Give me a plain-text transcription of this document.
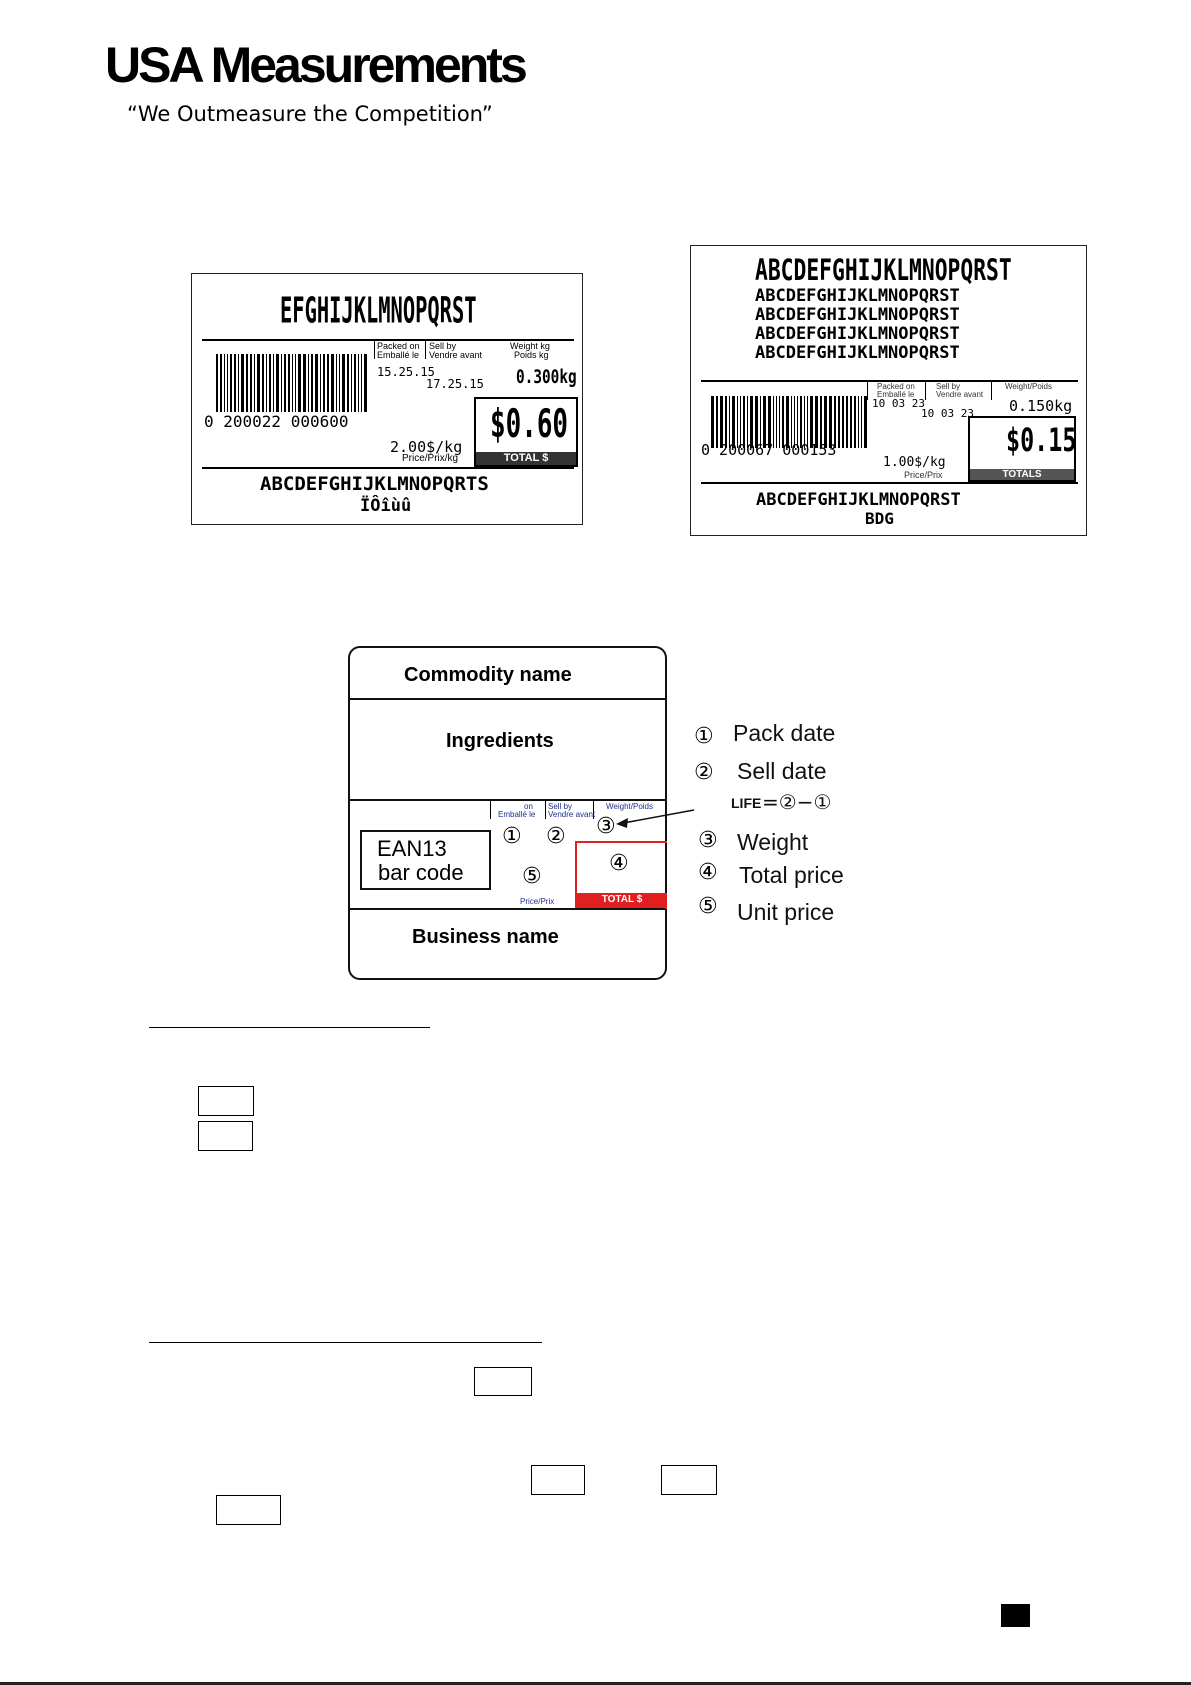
USA Measurements
“We Outmeasure the Competition”
EFGHIJKLMNOPQRST
Packed on
Emballé le
Sell by
Vendre avant
Weight kg
Poids kg
15.25.15
17.25.15 0.300kg
0 200022 000600
2.00$/kg
Price/Prix/kg
$0.60
TOTAL $
ABCDEFGHIJKLMNOPQRTS
ÏÔîùû
ABCDEFGHIJKLMNOPQRST
ABCDEFGHIJKLMNOPQRST
ABCDEFGHIJKLMNOPQRST
ABCDEFGHIJKLMNOPQRST
ABCDEFGHIJKLMNOPQRST
Packed on
Emballé le
Sell by
Vendre avant
Weight/Poids
10 03 23
10 03 23 0.150kg
0 200067 000153
1.00$/kg
Price/Prix
$0.15
TOTALS
ABCDEFGHIJKLMNOPQRST
BDG
Commodity name
Ingredients
on
Emballé le
Sell by
Vendre avant
Weight/Poids
① ② ③
EAN13
bar code	⑤
Price/Prix
④
TOTAL $
Business name
① Pack date
② Sell date
LIFE =②−①
③ Weight
④ Total price
⑤ Unit price
